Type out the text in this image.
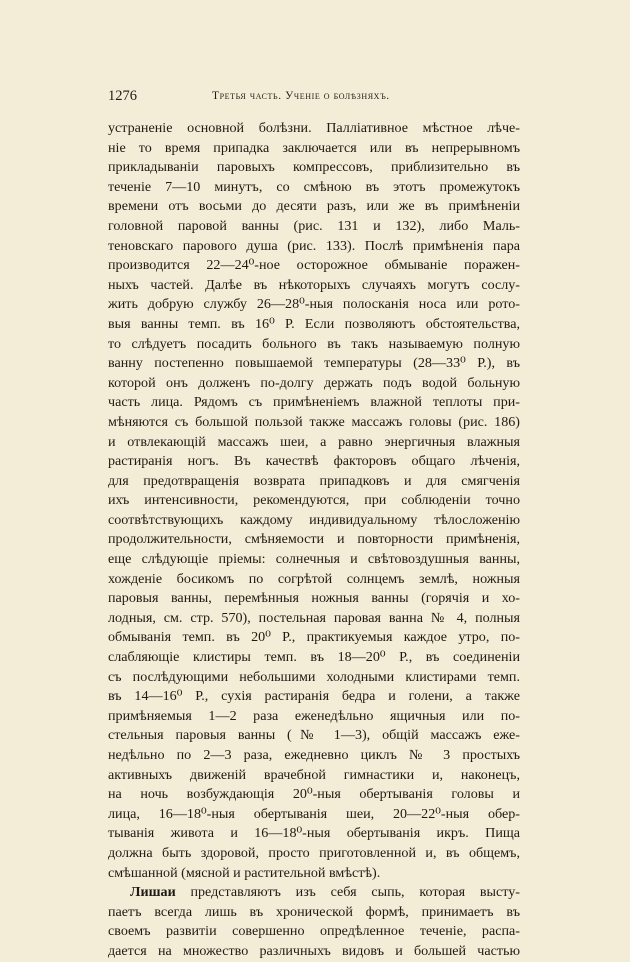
1276	Третья часть. Ученіе о болѣзняхъ.
устраненіе основной болѣзни. Палліативное мѣстное лѣче-
ніе то время припадка заключается или въ непрерывномъ
прикладываніи паровыхъ компрессовъ, приблизительно въ
теченіе 7—10 минутъ, со смѣною въ этотъ промежутокъ
времени отъ восьми до десяти разъ, или же въ примѣненіи
головной паровой ванны (рис. 131 и 132), либо Маль-
теновскаго парового душа (рис. 133). Послѣ примѣненія пара
производится 22—24⁰-ное осторожное обмываніе поражен-
ныхъ частей. Далѣе въ нѣкоторыхъ случаяхъ могутъ сослу-
жить добрую службу 26—28⁰-ныя полосканія носа или рото-
выя ванны темп. въ 16⁰ Р. Если позволяютъ обстоятельства,
то слѣдуетъ посадить больного въ такъ называемую полную
ванну постепенно повышаемой температуры (28—33⁰ Р.), въ
которой онъ долженъ по-долгу держать подъ водой больную
часть лица. Рядомъ съ примѣненіемъ влажной теплоты при-
мѣняются съ большой пользой также массажъ головы (рис. 186)
и отвлекающій массажъ шеи, а равно энергичныя влажныя
растиранія ногъ. Въ качествѣ факторовъ общаго лѣченія,
для предотвращенія возврата припадковъ и для смягченія
ихъ интенсивности, рекомендуются, при соблюденіи точно
соотвѣтствующихъ каждому индивидуальному тѣлосложенію
продолжительности, смѣняемости и повторности примѣненія,
еще слѣдующіе пріемы: солнечныя и свѣтовоздушныя ванны,
хожденіе босикомъ по согрѣтой солнцемъ землѣ, ножныя
паровыя ванны, перемѣнныя ножныя ванны (горячія и хо-
лодныя, см. стр. 570), постельная паровая ванна № 4, полныя
обмыванія темп. въ 20⁰ Р., практикуемыя каждое утро, по-
слабляющіе клистиры темп. въ 18—20⁰ Р., въ соединеніи
съ послѣдующими небольшими холодными клистирами темп.
въ 14—16⁰ Р., сухія растиранія бедра и голени, а также
примѣняемыя 1—2 раза еженедѣльно ящичныя или по-
стельныя паровыя ванны (№ 1—3), общій массажъ еже-
недѣльно по 2—3 раза, ежедневно циклъ № 3 простыхъ
активныхъ движеній врачебной гимнастики и, наконецъ,
на ночь возбуждающія 20⁰-ныя обертыванія головы и
лица, 16—18⁰-ныя обертыванія шеи, 20—22⁰-ныя обер-
тыванія живота и 16—18⁰-ныя обертыванія икръ. Пища
должна быть здоровой, просто приготовленной и, въ общемъ,
смѣшанной (мясной и растительной вмѣстѣ).
Лишаи представляютъ изъ себя сыпь, которая высту-
паетъ всегда лишь въ хронической формѣ, принимаетъ въ
своемъ развитіи совершенно опредѣленное теченіе, распа-
дается на множество различныхъ видовъ и большей частью
